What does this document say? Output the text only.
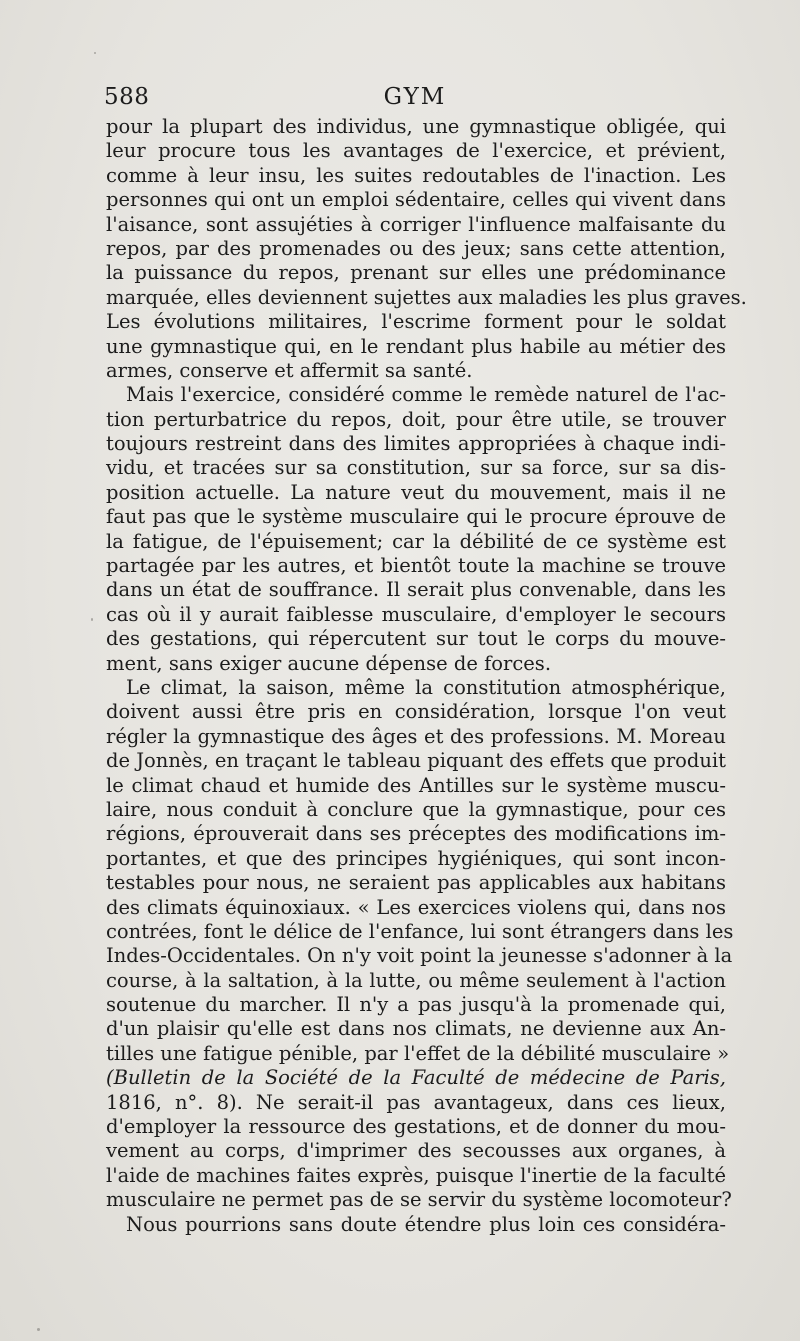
588	GYM
pour la plupart des individus, une gymnastique obligée, qui
leur procure tous les avantages de l'exercice, et prévient,
comme à leur insu, les suites redoutables de l'inaction. Les
personnes qui ont un emploi sédentaire, celles qui vivent dans
l'aisance, sont assujéties à corriger l'influence malfaisante du
repos, par des promenades ou des jeux; sans cette attention,
la puissance du repos, prenant sur elles une prédominance
marquée, elles deviennent sujettes aux maladies les plus graves.
Les évolutions militaires, l'escrime forment pour le soldat
une gymnastique qui, en le rendant plus habile au métier des
armes, conserve et affermit sa santé.
Mais l'exercice, considéré comme le remède naturel de l'ac-
tion perturbatrice du repos, doit, pour être utile, se trouver
toujours restreint dans des limites appropriées à chaque indi-
vidu, et tracées sur sa constitution, sur sa force, sur sa dis-
position actuelle. La nature veut du mouvement, mais il ne
faut pas que le système musculaire qui le procure éprouve de
la fatigue, de l'épuisement; car la débilité de ce système est
partagée par les autres, et bientôt toute la machine se trouve
dans un état de souffrance. Il serait plus convenable, dans les
cas où il y aurait faiblesse musculaire, d'employer le secours
des gestations, qui répercutent sur tout le corps du mouve-
ment, sans exiger aucune dépense de forces.
Le climat, la saison, même la constitution atmosphérique,
doivent aussi être pris en considération, lorsque l'on veut
régler la gymnastique des âges et des professions. M. Moreau
de Jonnès, en traçant le tableau piquant des effets que produit
le climat chaud et humide des Antilles sur le système muscu-
laire, nous conduit à conclure que la gymnastique, pour ces
régions, éprouverait dans ses préceptes des modifications im-
portantes, et que des principes hygiéniques, qui sont incon-
testables pour nous, ne seraient pas applicables aux habitans
des climats équinoxiaux. « Les exercices violens qui, dans nos
contrées, font le délice de l'enfance, lui sont étrangers dans les
Indes-Occidentales. On n'y voit point la jeunesse s'adonner à la
course, à la saltation, à la lutte, ou même seulement à l'action
soutenue du marcher. Il n'y a pas jusqu'à la promenade qui,
d'un plaisir qu'elle est dans nos climats, ne devienne aux An-
tilles une fatigue pénible, par l'effet de la débilité musculaire »
(Bulletin de la Société de la Faculté de médecine de Paris,
1816, n°. 8). Ne serait-il pas avantageux, dans ces lieux,
d'employer la ressource des gestations, et de donner du mou-
vement au corps, d'imprimer des secousses aux organes, à
l'aide de machines faites exprès, puisque l'inertie de la faculté
musculaire ne permet pas de se servir du système locomoteur?
Nous pourrions sans doute étendre plus loin ces considéra-
